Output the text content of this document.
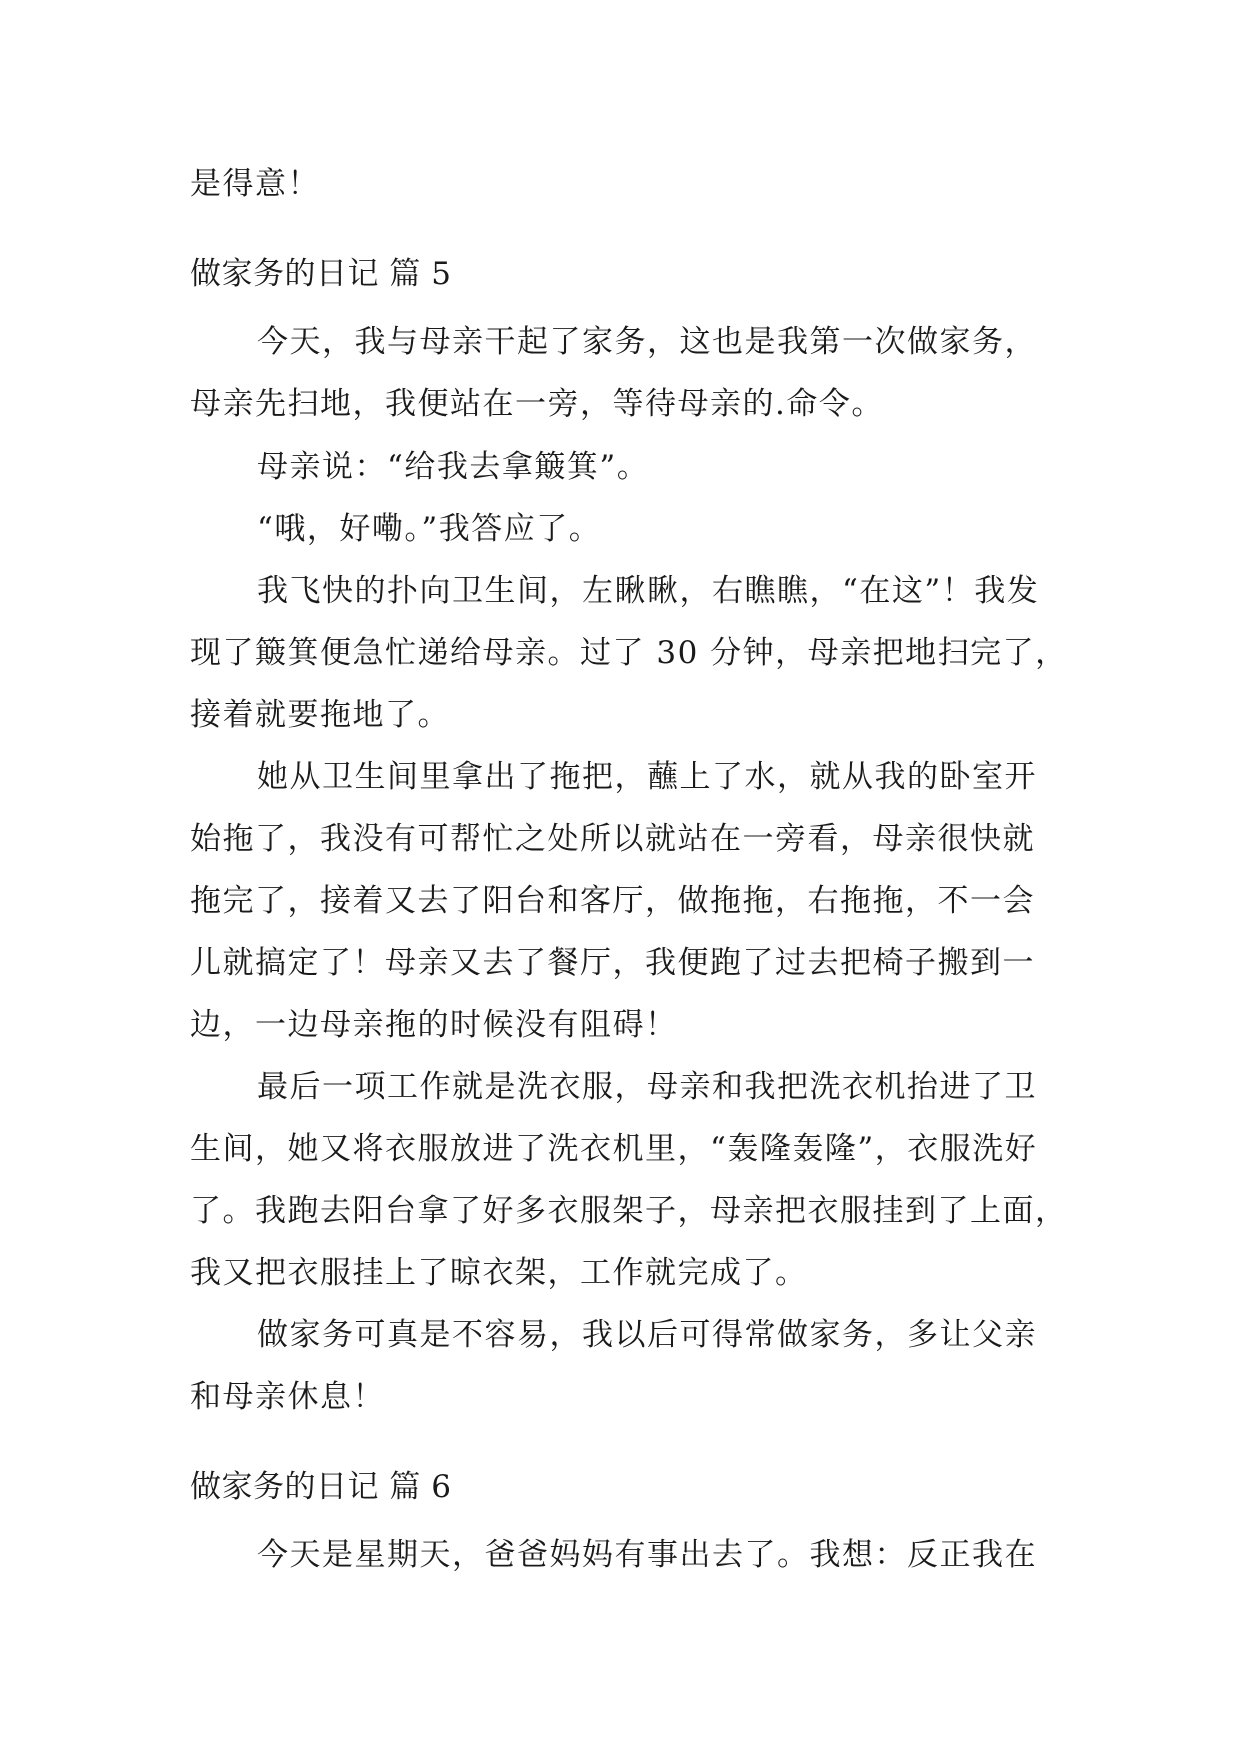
是得意！
做家务的日记 篇 5
今天，我与母亲干起了家务，这也是我第一次做家务，
母亲先扫地，我便站在一旁，等待母亲的.命令。
母亲说：“给我去拿簸箕”。
“哦，好嘞。”我答应了。
我飞快的扑向卫生间，左瞅瞅，右瞧瞧，“在这”！我发
现了簸箕便急忙递给母亲。过了 30 分钟，母亲把地扫完了，
接着就要拖地了。
她从卫生间里拿出了拖把，蘸上了水，就从我的卧室开
始拖了，我没有可帮忙之处所以就站在一旁看，母亲很快就
拖完了，接着又去了阳台和客厅，做拖拖，右拖拖，不一会
儿就搞定了！母亲又去了餐厅，我便跑了过去把椅子搬到一
边，一边母亲拖的时候没有阻碍！
最后一项工作就是洗衣服，母亲和我把洗衣机抬进了卫
生间，她又将衣服放进了洗衣机里，“轰隆轰隆”，衣服洗好
了。我跑去阳台拿了好多衣服架子，母亲把衣服挂到了上面，
我又把衣服挂上了晾衣架，工作就完成了。
做家务可真是不容易，我以后可得常做家务，多让父亲
和母亲休息！
做家务的日记 篇 6
今天是星期天，爸爸妈妈有事出去了。我想：反正我在
